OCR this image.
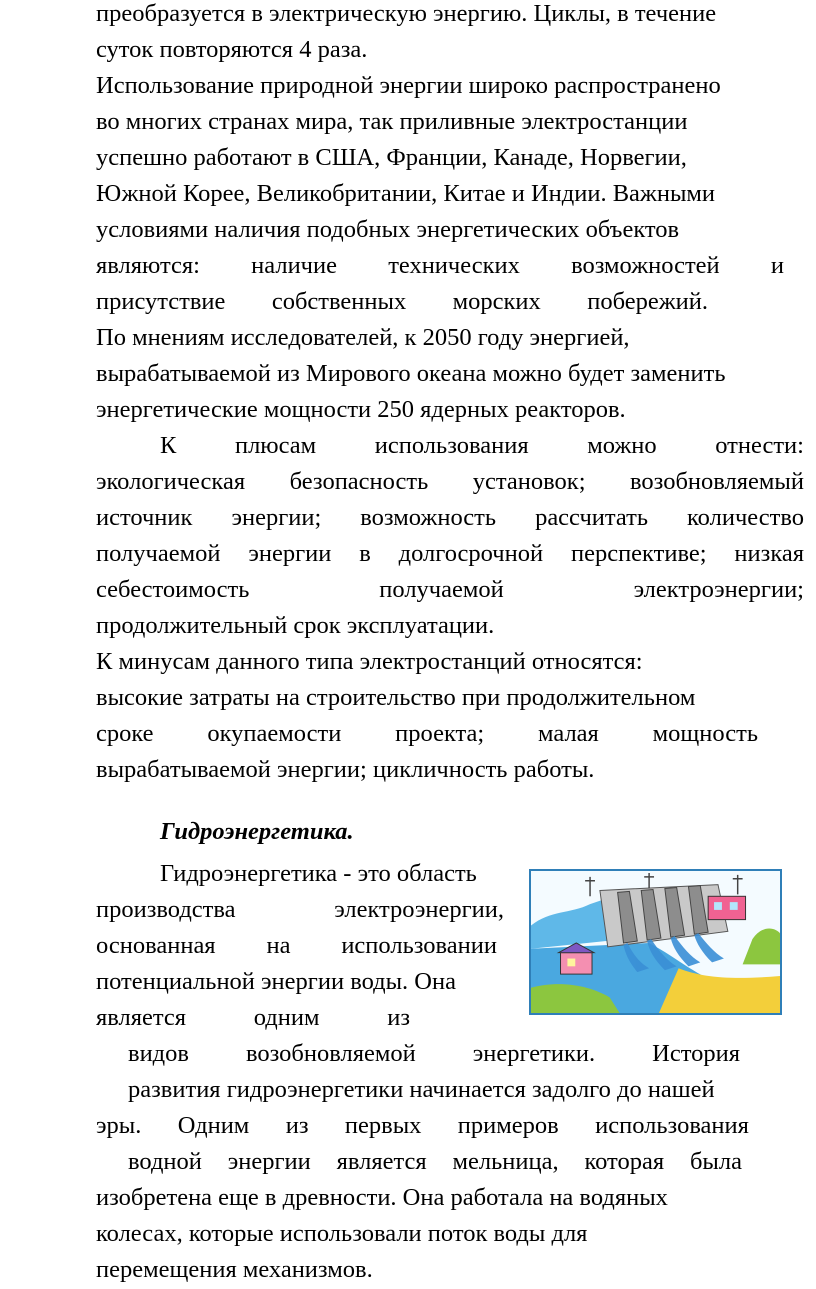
преобразуется в электрическую энергию. Циклы, в течение

суток повторяются 4 раза.

Использование природной энергии широко распространено

во многих странах мира, так приливные электростанции

успешно работают в США, Франции, Канаде, Норвегии,

Южной Корее, Великобритании, Китае и Индии. Важными

условиями наличия подобных энергетических объектов

являются: наличие технических возможностей и

присутствие собственных морских побережий.

По мнениям исследователей, к 2050 году энергией,

вырабатываемой из Мирового океана можно будет заменить

энергетические мощности 250 ядерных реакторов.

К плюсам использования можно отнести:

экологическая безопасность установок; возобновляемый

источник энергии; возможность рассчитать количество

получаемой энергии в долгосрочной перспективе; низкая

себестоимость	получаемой	электроэнергии;

продолжительный срок эксплуатации.

К минусам данного типа электростанций относятся:

высокие затраты на строительство при продолжительном

сроке окупаемости проекта; малая мощность

вырабатываемой энергии; цикличность работы.

Гидроэнергетика.

Гидроэнергетика - это область

производства	электроэнергии,

основанная на использовании

потенциальной энергии воды. Она

является	одним	из

видов возобновляемой энергетики. История

развития гидроэнергетики начинается задолго до нашей

эры. Одним из первых примеров использования

водной энергии является мельница, которая была

изобретена еще в древности. Она работала на водяных

колесах, которые использовали поток воды для

перемещения механизмов.
